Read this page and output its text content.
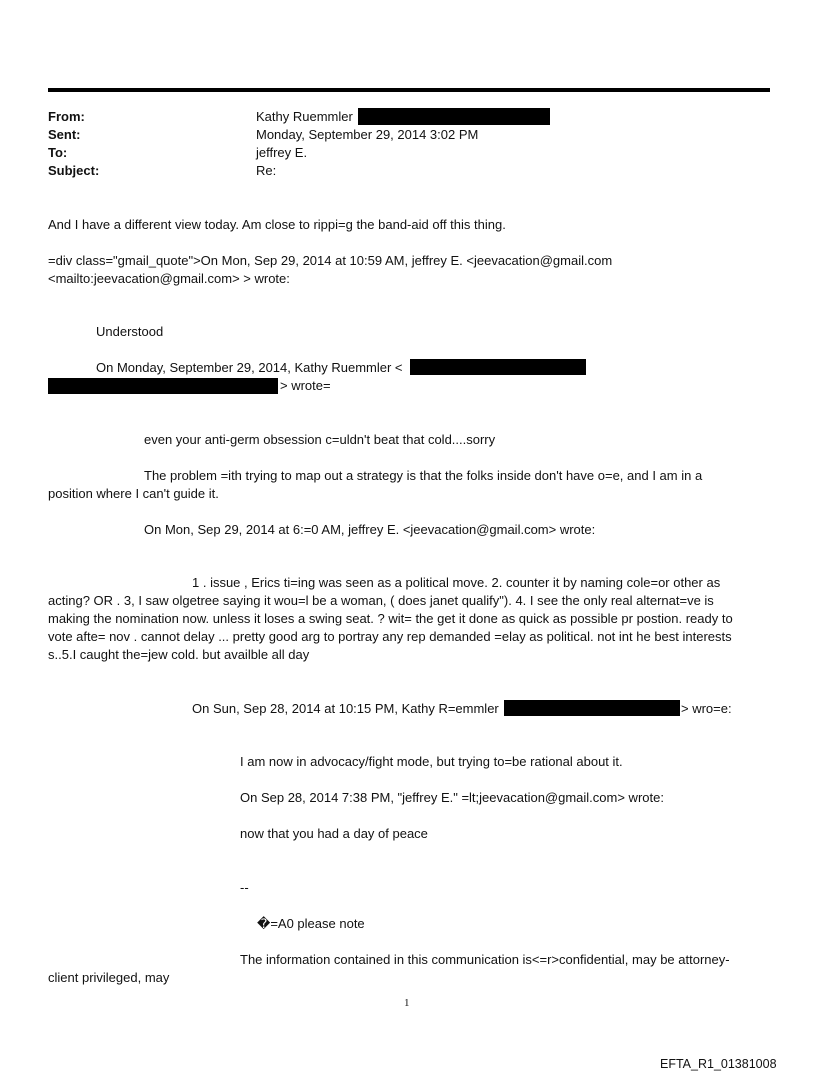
From:	Kathy Ruemmler
Sent:	Monday, September 29, 2014 3:02 PM
To:	jeffrey E.
Subject:	Re:
And I have a different view today. Am close to rippi=g the band-aid off this thing.
=div class="gmail_quote">On Mon, Sep 29, 2014 at 10:59 AM, jeffrey E. <jeevacation@gmail.com
<mailto:jeevacation@gmail.com> > wrote:
Understood
On Monday, September 29, 2014, Kathy Ruemmler <
> wrote=
even your anti-germ obsession c=uldn't beat that cold....sorry
The problem =ith trying to map out a strategy is that the folks inside don't have o=e, and I am in a
position where I can't guide it.
On Mon, Sep 29, 2014 at 6:=0 AM, jeffrey E. <jeevacation@gmail.com> wrote:
1 . issue , Erics ti=ing was seen as a political move. 2. counter it by naming cole=or other as
acting? OR . 3, I saw olgetree saying it wou=l be a woman, ( does janet qualify"). 4. I see the only real alternat=ve is
making the nomination now. unless it loses a swing seat. ? wit= the get it done as quick as possible pr postion. ready to
vote afte= nov . cannot delay ... pretty good arg to portray any rep demanded =elay as political. not int he best interests
s..5.I caught the=jew cold. but availble all day
On Sun, Sep 28, 2014 at 10:15 PM, Kathy R=emmler	> wro=e:
I am now in advocacy/fight mode, but trying to=be rational about it.
On Sep 28, 2014 7:38 PM, "jeffrey E." =lt;jeevacation@gmail.com> wrote:
now that you had a day of peace
--
�=A0 please note
The information contained in this communication is<=r>confidential, may be attorney-
client privileged, may
1
EFTA_R1_01381008
